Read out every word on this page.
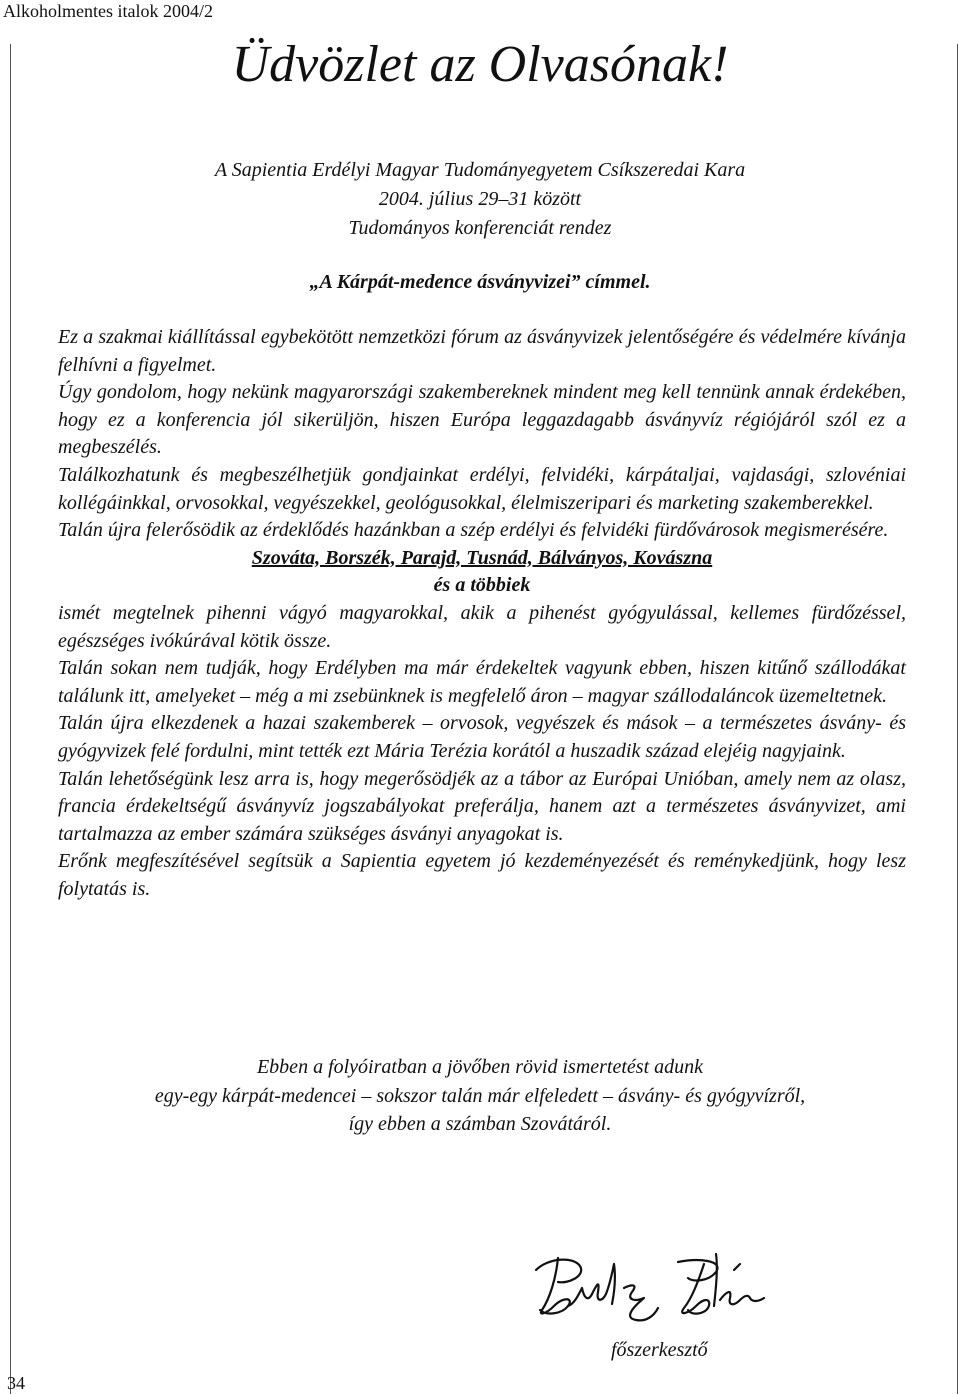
Alkoholmentes italok 2004/2
Üdvözlet az Olvasónak!
A Sapientia Erdélyi Magyar Tudományegyetem Csíkszeredai Kara
2004. július 29–31 között
Tudományos konferenciát rendez
„A Kárpát-medence ásványvizei” címmel.

Ez a szakmai kiállítással egybekötött nemzetközi fórum az ásványvizek jelentőségére és védelmére kívánja felhívni a figyelmet.

Úgy gondolom, hogy nekünk magyarországi szakembereknek mindent meg kell tennünk annak érdekében, hogy ez a konferencia jól sikerüljön, hiszen Európa leggazdagabb ásványvíz régiójáról szól ez a megbeszélés.

Találkozhatunk és megbeszélhetjük gondjainkat erdélyi, felvidéki, kárpátaljai, vajdasági, szlovéniai kollégáinkkal, orvosokkal, vegyészekkel, geológusokkal, élelmiszeripari és marketing szakemberekkel.

Talán újra felerősödik az érdeklődés hazánkban a szép erdélyi és felvidéki fürdővárosok megismerésére.

Szováta, Borszék, Parajd, Tusnád, Bálványos, Kovászna

és a többiek

ismét megtelnek pihenni vágyó magyarokkal, akik a pihenést gyógyulással, kellemes fürdőzéssel, egészséges ivókúrával kötik össze.

Talán sokan nem tudják, hogy Erdélyben ma már érdekeltek vagyunk ebben, hiszen kitűnő szállodákat találunk itt, amelyeket – még a mi zsebünknek is megfelelő áron – magyar szállodaláncok üzemeltetnek.

Talán újra elkezdenek a hazai szakemberek – orvosok, vegyészek és mások – a természetes ásvány- és gyógyvizek felé fordulni, mint tették ezt Mária Terézia korától a huszadik század elejéig nagyjaink.

Talán lehetőségünk lesz arra is, hogy megerősödjék az a tábor az Európai Unióban, amely nem az olasz, francia érdekeltségű ásványvíz jogszabályokat preferálja, hanem azt a természetes ásványvizet, ami tartalmazza az ember számára szükséges ásványi anyagokat is.

Erőnk megfeszítésével segítsük a Sapientia egyetem jó kezdeményezését és reménykedjünk, hogy lesz folytatás is.

Ebben a folyóiratban a jövőben rövid ismertetést adunk
egy-egy kárpát-medencei – sokszor talán már elfeledett – ásvány- és gyógyvízről,
így ebben a számban Szovátáról.
főszerkesztő
34
